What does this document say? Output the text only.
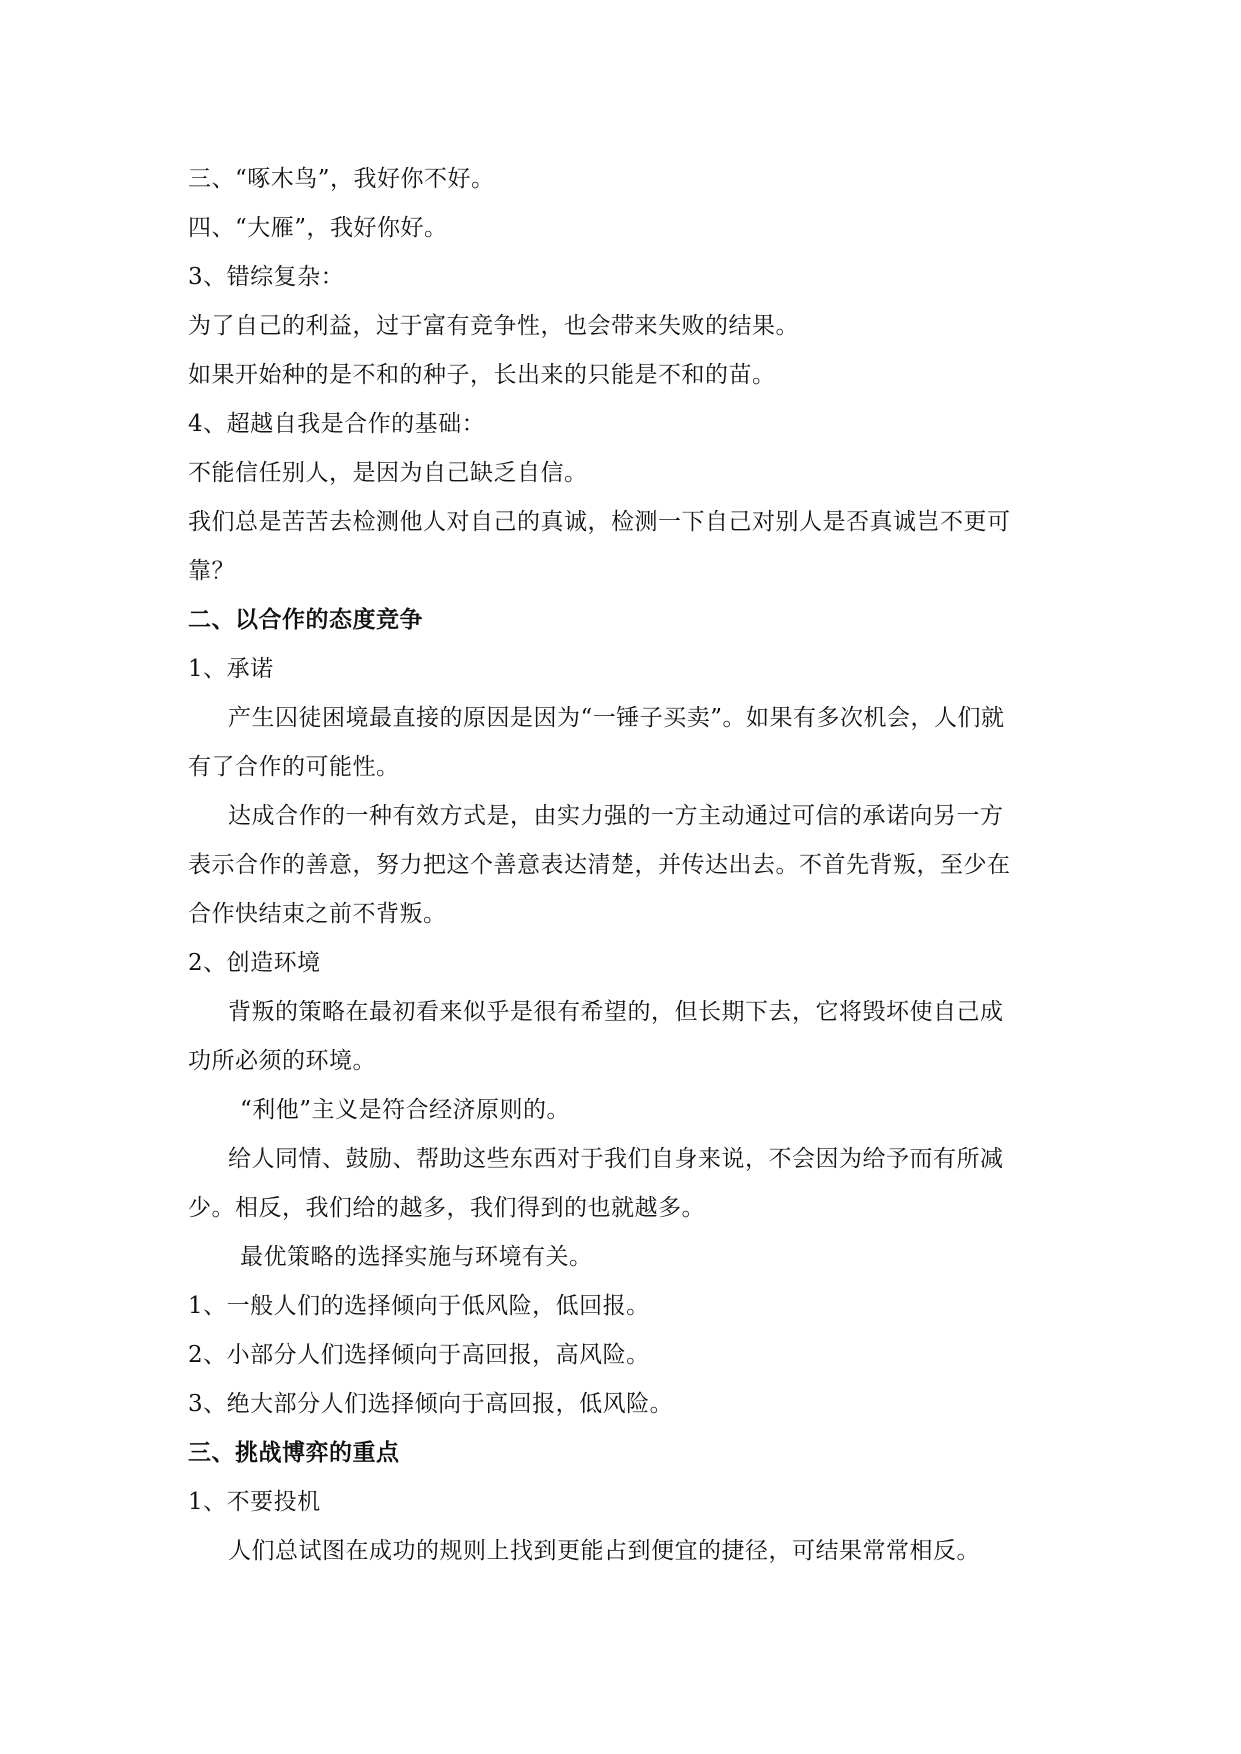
三、“啄木鸟”，我好你不好。
四、“大雁”，我好你好。
3、错综复杂：
为了自己的利益，过于富有竞争性，也会带来失败的结果。
如果开始种的是不和的种子，长出来的只能是不和的苗。
4、超越自我是合作的基础：
不能信任别人，是因为自己缺乏自信。
我们总是苦苦去检测他人对自己的真诚，检测一下自己对别人是否真诚岂不更可
靠？
二、以合作的态度竞争
1、承诺
产生囚徒困境最直接的原因是因为“一锤子买卖”。如果有多次机会，人们就
有了合作的可能性。
达成合作的一种有效方式是，由实力强的一方主动通过可信的承诺向另一方
表示合作的善意，努力把这个善意表达清楚，并传达出去。不首先背叛，至少在
合作快结束之前不背叛。
2、创造环境
背叛的策略在最初看来似乎是很有希望的，但长期下去，它将毁坏使自己成
功所必须的环境。
“利他”主义是符合经济原则的。
给人同情、鼓励、帮助这些东西对于我们自身来说，不会因为给予而有所减
少。相反，我们给的越多，我们得到的也就越多。
最优策略的选择实施与环境有关。
1、一般人们的选择倾向于低风险，低回报。
2、小部分人们选择倾向于高回报，高风险。
3、绝大部分人们选择倾向于高回报，低风险。
三、挑战博弈的重点
1、不要投机
人们总试图在成功的规则上找到更能占到便宜的捷径，可结果常常相反。
